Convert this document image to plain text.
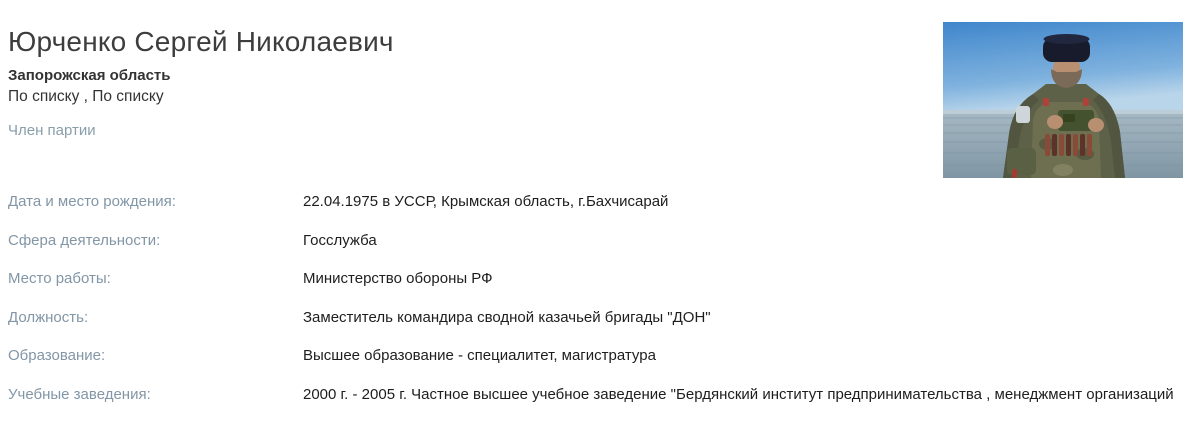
Юрченко Сергей Николаевич
Запорожская область
По списку , По списку
Член партии
Дата и место рождения:	22.04.1975 в УССР, Крымская область, г.Бахчисарай
Сфера деятельности:	Госслужба
Место работы:	Министерство обороны РФ
Должность:	Заместитель командира сводной казачьей бригады "ДОН"
Образование:	Высшее образование - специалитет, магистратура
Учебные заведения:	2000 г. - 2005 г. Частное высшее учебное заведение "Бердянский институт предпринимательства , менеджмент организаций
